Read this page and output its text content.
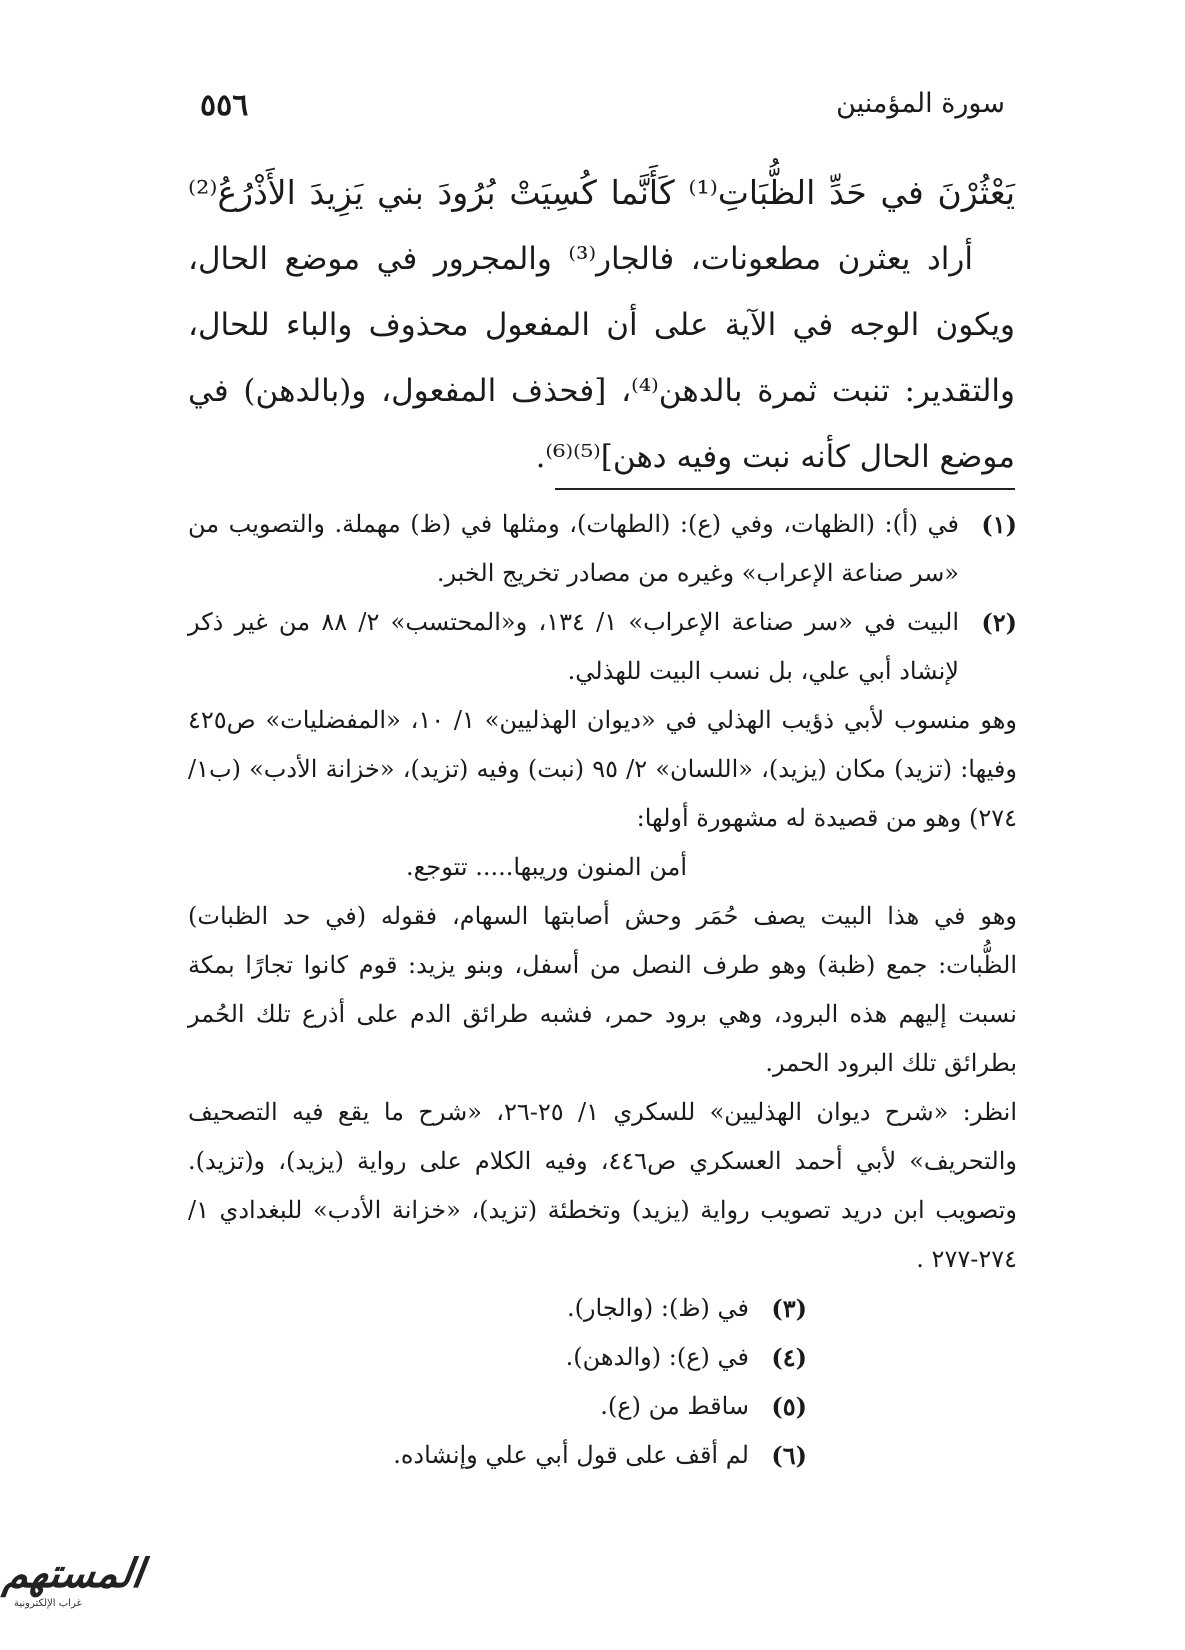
٥٥٦	سورة المؤمنين

يَعْثُرْنَ في حَدِّ الظُّبَاتِ⁽¹⁾ كَأَنَّما كُسِيَتْ بُرُودَ بني يَزِيدَ الأَذْرُعُ⁽²⁾

أراد يعثرن مطعونات، فالجار⁽³⁾ والمجرور في موضع الحال، ويكون الوجه في الآية على أن المفعول محذوف والباء للحال، والتقدير: تنبت ثمرة بالدهن⁽⁴⁾، [فحذف المفعول، و(بالدهن) في موضع الحال كأنه نبت وفيه دهن]⁽⁵⁾⁽⁶⁾.

(١)

في (أ): (الظهات، وفي (ع): (الطهات)، ومثلها في (ظ) مهملة. والتصويب من «سر صناعة الإعراب» وغيره من مصادر تخريج الخبر.

(٢)

البيت في «سر صناعة الإعراب» ١/ ١٣٤، و«المحتسب» ٢/ ٨٨ من غير ذكر لإنشاد أبي علي، بل نسب البيت للهذلي.

وهو منسوب لأبي ذؤيب الهذلي في «ديوان الهذليين» ١/ ١٠، «المفضليات» ص٤٢٥ وفيها: (تزيد) مكان (يزيد)، «اللسان» ٢/ ٩٥ (نبت) وفيه (تزيد)، «خزانة الأدب» (ب١/ ٢٧٤) وهو من قصيدة له مشهورة أولها:

أمن المنون وريبها..... تتوجع.

وهو في هذا البيت يصف حُمَر وحش أصابتها السهام، فقوله (في حد الظبات) الظُّبات: جمع (ظبة) وهو طرف النصل من أسفل، وبنو يزيد: قوم كانوا تجارًا بمكة نسبت إليهم هذه البرود، وهي برود حمر، فشبه طرائق الدم على أذرع تلك الحُمر بطرائق تلك البرود الحمر.

انظر: «شرح ديوان الهذليين» للسكري ١/ ٢٥-٢٦، «شرح ما يقع فيه التصحيف والتحريف» لأبي أحمد العسكري ص٤٤٦، وفيه الكلام على رواية (يزيد)، و(تزيد). وتصويب ابن دريد تصويب رواية (يزيد) وتخطئة (تزيد)، «خزانة الأدب» للبغدادي ١/ ٢٧٤-٢٧٧ .

(٣)

في (ظ): (والجار).

(٤)

في (ع): (والدهن).

(٥)

ساقط من (ع).

(٦)

لم أقف على قول أبي علي وإنشاده.

المستهم
غراب الإلكترونية
